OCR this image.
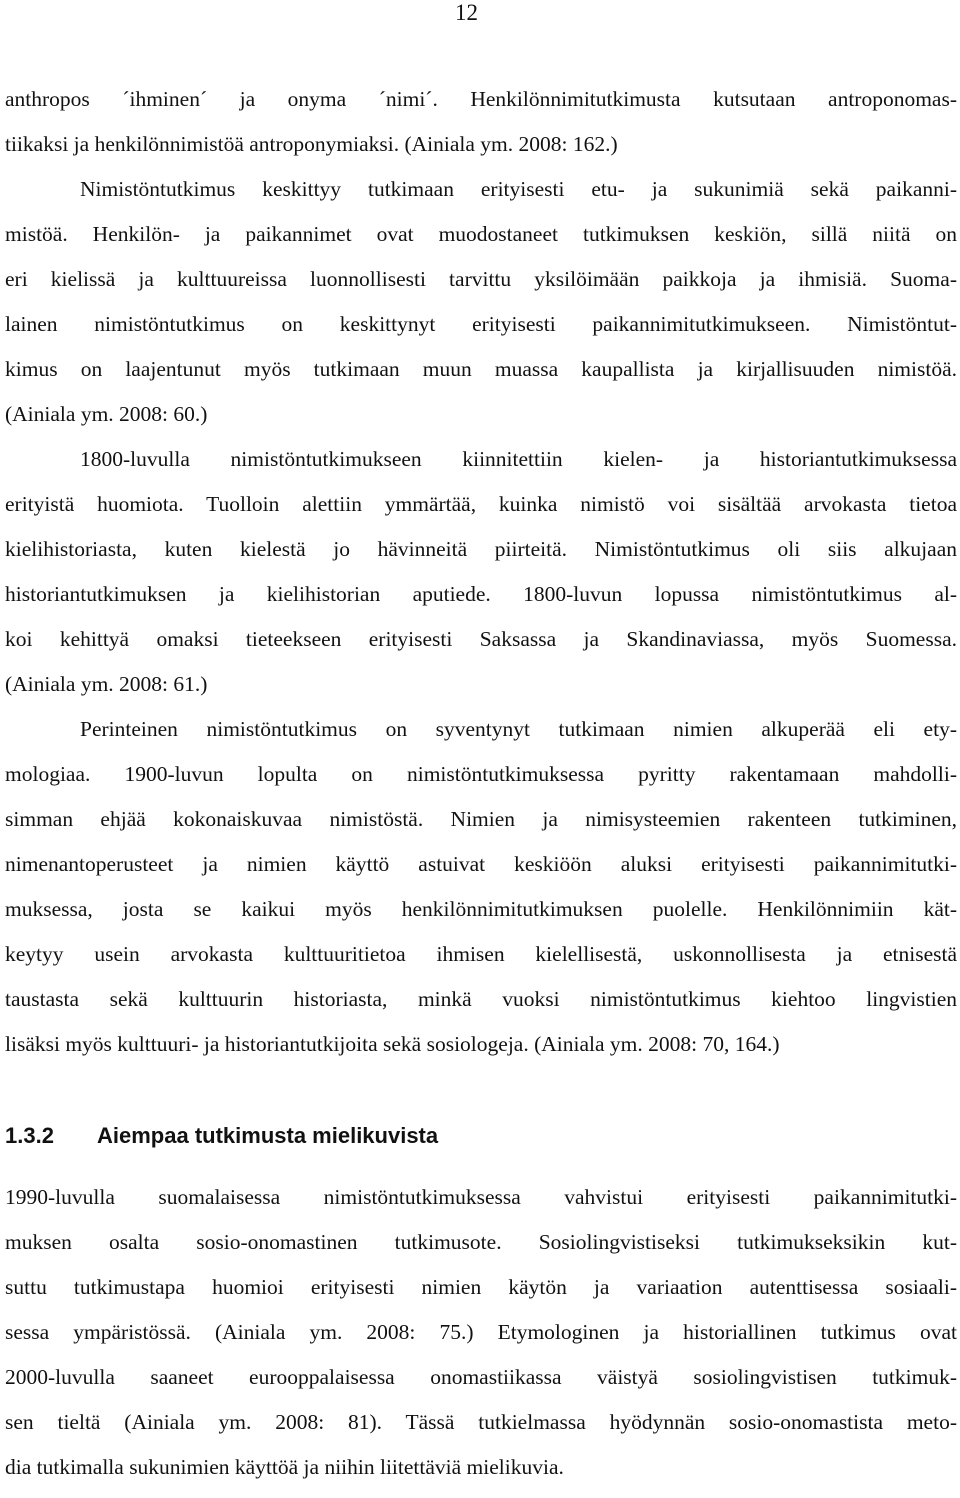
12
anthropos ´ihminen´ ja onyma ´nimi´. Henkilönnimitutkimusta kutsutaan antroponomas-
tiikaksi ja henkilönnimistöä antroponymiaksi. (Ainiala ym. 2008: 162.)
Nimistöntutkimus keskittyy tutkimaan erityisesti etu- ja sukunimiä sekä paikanni-
mistöä. Henkilön- ja paikannimet ovat muodostaneet tutkimuksen keskiön, sillä niitä on
eri kielissä ja kulttuureissa luonnollisesti tarvittu yksilöimään paikkoja ja ihmisiä. Suoma-
lainen nimistöntutkimus on keskittynyt erityisesti paikannimitutkimukseen. Nimistöntut-
kimus on laajentunut myös tutkimaan muun muassa kaupallista ja kirjallisuuden nimistöä.
(Ainiala ym. 2008: 60.)
1800-luvulla nimistöntutkimukseen kiinnitettiin kielen- ja historiantutkimuksessa
erityistä huomiota. Tuolloin alettiin ymmärtää, kuinka nimistö voi sisältää arvokasta tietoa
kielihistoriasta, kuten kielestä jo hävinneitä piirteitä. Nimistöntutkimus oli siis alkujaan
historiantutkimuksen ja kielihistorian aputiede. 1800-luvun lopussa nimistöntutkimus al-
koi kehittyä omaksi tieteekseen erityisesti Saksassa ja Skandinaviassa, myös Suomessa.
(Ainiala ym. 2008: 61.)
Perinteinen nimistöntutkimus on syventynyt tutkimaan nimien alkuperää eli ety-
mologiaa. 1900-luvun lopulta on nimistöntutkimuksessa pyritty rakentamaan mahdolli-
simman ehjää kokonaiskuvaa nimistöstä. Nimien ja nimisysteemien rakenteen tutkiminen,
nimenantoperusteet ja nimien käyttö astuivat keskiöön aluksi erityisesti paikannimitutki-
muksessa, josta se kaikui myös henkilönnimitutkimuksen puolelle. Henkilönnimiin kät-
keytyy usein arvokasta kulttuuritietoa ihmisen kielellisestä, uskonnollisesta ja etnisestä
taustasta sekä kulttuurin historiasta, minkä vuoksi nimistöntutkimus kiehtoo lingvistien
lisäksi myös kulttuuri- ja historiantutkijoita sekä sosiologeja. (Ainiala ym. 2008: 70, 164.)
1.3.2 Aiempaa tutkimusta mielikuvista
1990-luvulla suomalaisessa nimistöntutkimuksessa vahvistui erityisesti paikannimitutki-
muksen osalta sosio-onomastinen tutkimusote. Sosiolingvistiseksi tutkimukseksikin kut-
suttu tutkimustapa huomioi erityisesti nimien käytön ja variaation autenttisessa sosiaali-
sessa ympäristössä. (Ainiala ym. 2008: 75.) Etymologinen ja historiallinen tutkimus ovat
2000-luvulla saaneet eurooppalaisessa onomastiikassa väistyä sosiolingvistisen tutkimuk-
sen tieltä (Ainiala ym. 2008: 81). Tässä tutkielmassa hyödynnän sosio-onomastista meto-
dia tutkimalla sukunimien käyttöä ja niihin liitettäviä mielikuvia.
